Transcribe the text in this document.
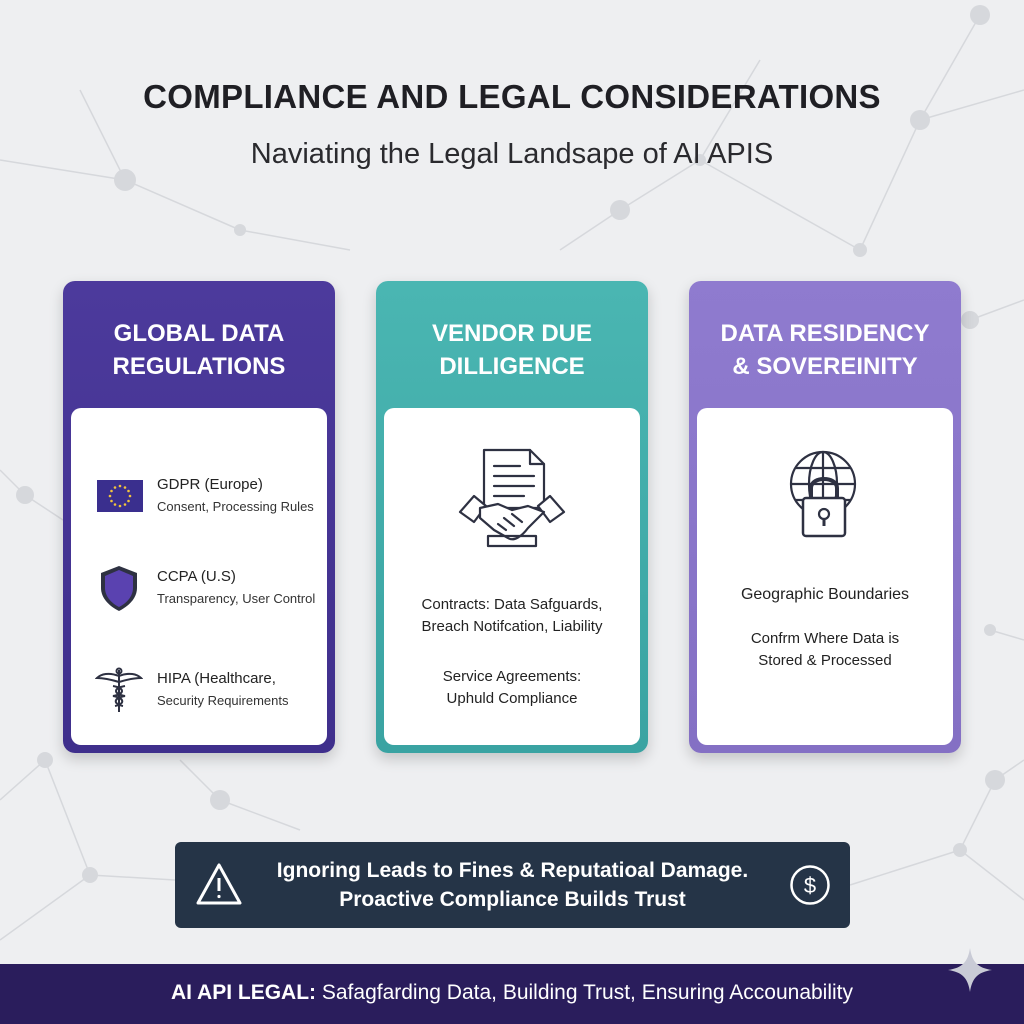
COMPLIANCE AND LEGAL CONSIDERATIONS
Naviating the Legal Landsape of AI APIS
GLOBAL DATA
REGULATIONS
GDPR (Europe)
Consent, Processing Rules
CCPA (U.S)
Transparency, User Control
HIPA (Healthcare,
Security Requirements
VENDOR DUE
DILLIGENCE
Contracts: Data Safguards,
Breach Notifcation, Liability
Service Agreements:
Uphuld Compliance
DATA RESIDENCY
& SOVEREINITY
Geographic Boundaries
Confrm Where Data is
Stored & Processed
Ignoring Leads to Fines & Reputatioal Damage.
Proactive Compliance Builds Trust
$
AI API LEGAL: Safagfarding Data, Building Trust, Ensuring Accounability
